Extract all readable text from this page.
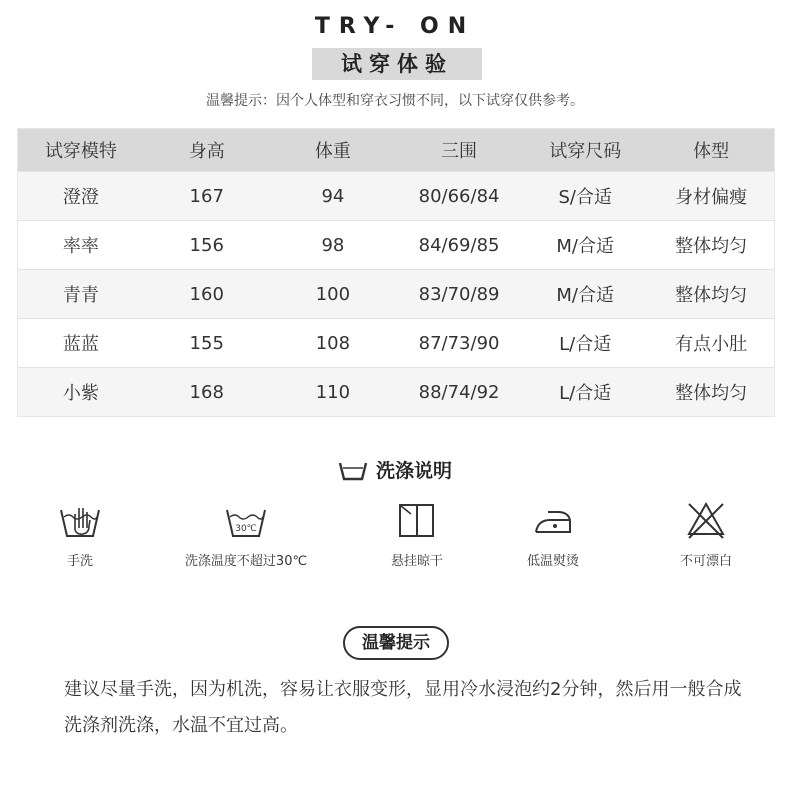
TRY- ON
试穿体验
温馨提示：因个人体型和穿衣习惯不同，以下试穿仅供参考。
试穿模特	身高	体重	三围	试穿尺码	体型
澄澄	167	94	80/66/84	S/合适	身材偏瘦
率率	156	98	84/69/85	M/合适	整体均匀
青青	160	100	83/70/89	M/合适	整体均匀
蓝蓝	155	108	87/73/90	L/合适	有点小肚
小紫	168	110	88/74/92	L/合适	整体均匀
洗涤说明
手洗
30℃
洗涤温度不超过30℃	悬挂晾干	低温熨烫	不可漂白
温馨提示
建议尽量手洗，因为机洗，容易让衣服变形，显用冷水浸泡约2分钟，然后用一般合成洗涤剂洗涤，水温不宜过高。
